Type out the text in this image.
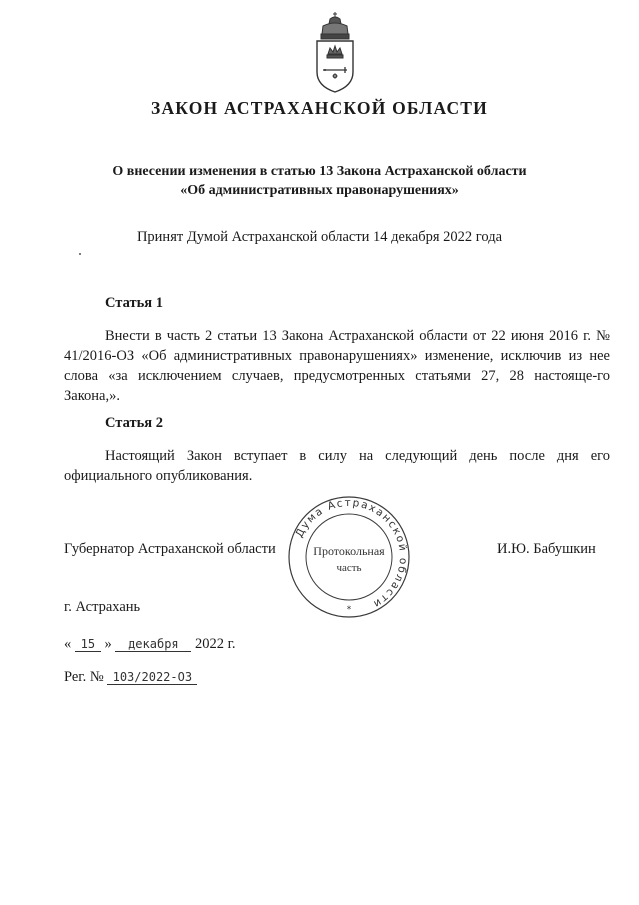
ЗАКОН АСТРАХАНСКОЙ ОБЛАСТИ
О внесении изменения в статью 13 Закона Астраханской области
«Об административных правонарушениях»
Принят Думой Астраханской области 14 декабря 2022 года
Статья 1
Внести в часть 2 статьи 13 Закона Астраханской области от 22 июня 2016 г. № 41/2016-ОЗ «Об административных правонарушениях» изменение, исключив из нее слова «за исключением случаев, предусмотренных статьями 27, 28 настояще-го Закона,».
Статья 2
Настоящий Закон вступает в силу на следующий день после дня его официального опубликования.
Губернатор Астраханской области	И.Ю. Бабушкин
Дума Астраханской области
Протокольная
часть
*
г. Астрахань
« 15 » декабря 2022 г.
Рег. № 103/2022-ОЗ
